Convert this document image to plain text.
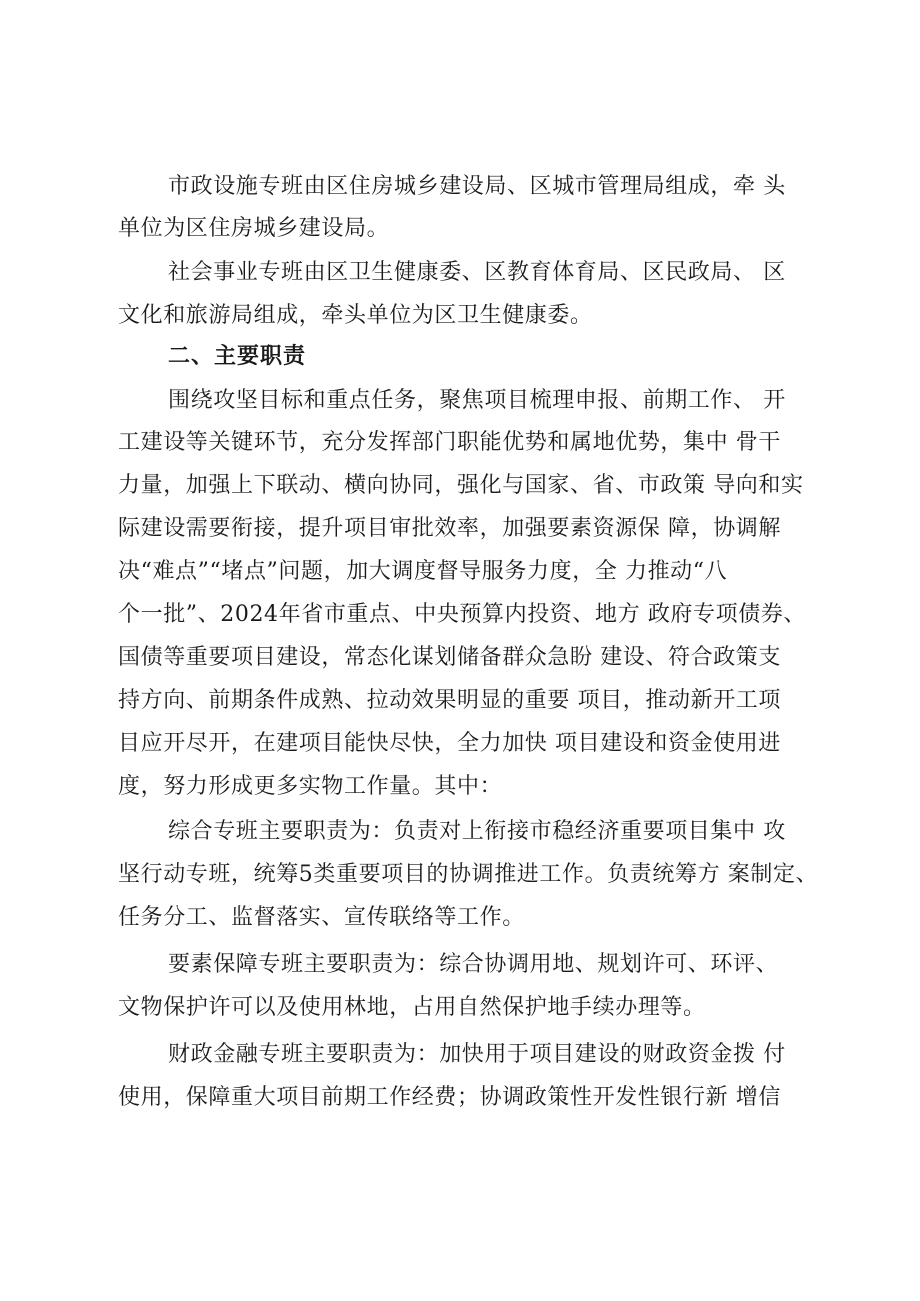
市政设施专班由区住房城乡建设局、区城市管理局组成，牵 头
单位为区住房城乡建设局。
社会事业专班由区卫生健康委、区教育体育局、区民政局、 区
文化和旅游局组成，牵头单位为区卫生健康委。
二、主要职责
围绕攻坚目标和重点任务，聚焦项目梳理申报、前期工作、 开
工建设等关键环节，充分发挥部门职能优势和属地优势，集中 骨干
力量，加强上下联动、横向协同，强化与国家、省、市政策 导向和实
际建设需要衔接，提升项目审批效率，加强要素资源保 障，协调解
决“难点”“堵点”问题，加大调度督导服务力度，全 力推动“八
个一批”、2024年省市重点、中央预算内投资、地方 政府专项债券、
国债等重要项目建设，常态化谋划储备群众急盼 建设、符合政策支
持方向、前期条件成熟、拉动效果明显的重要 项目，推动新开工项
目应开尽开，在建项目能快尽快，全力加快 项目建设和资金使用进
度，努力形成更多实物工作量。其中：
综合专班主要职责为：负责对上衔接市稳经济重要项目集中 攻
坚行动专班，统筹5类重要项目的协调推进工作。负责统筹方 案制定、
任务分工、监督落实、宣传联络等工作。
要素保障专班主要职责为：综合协调用地、规划许可、环评、
文物保护许可以及使用林地，占用自然保护地手续办理等。
财政金融专班主要职责为：加快用于项目建设的财政资金拨 付
使用，保障重大项目前期工作经费；协调政策性开发性银行新 增信
